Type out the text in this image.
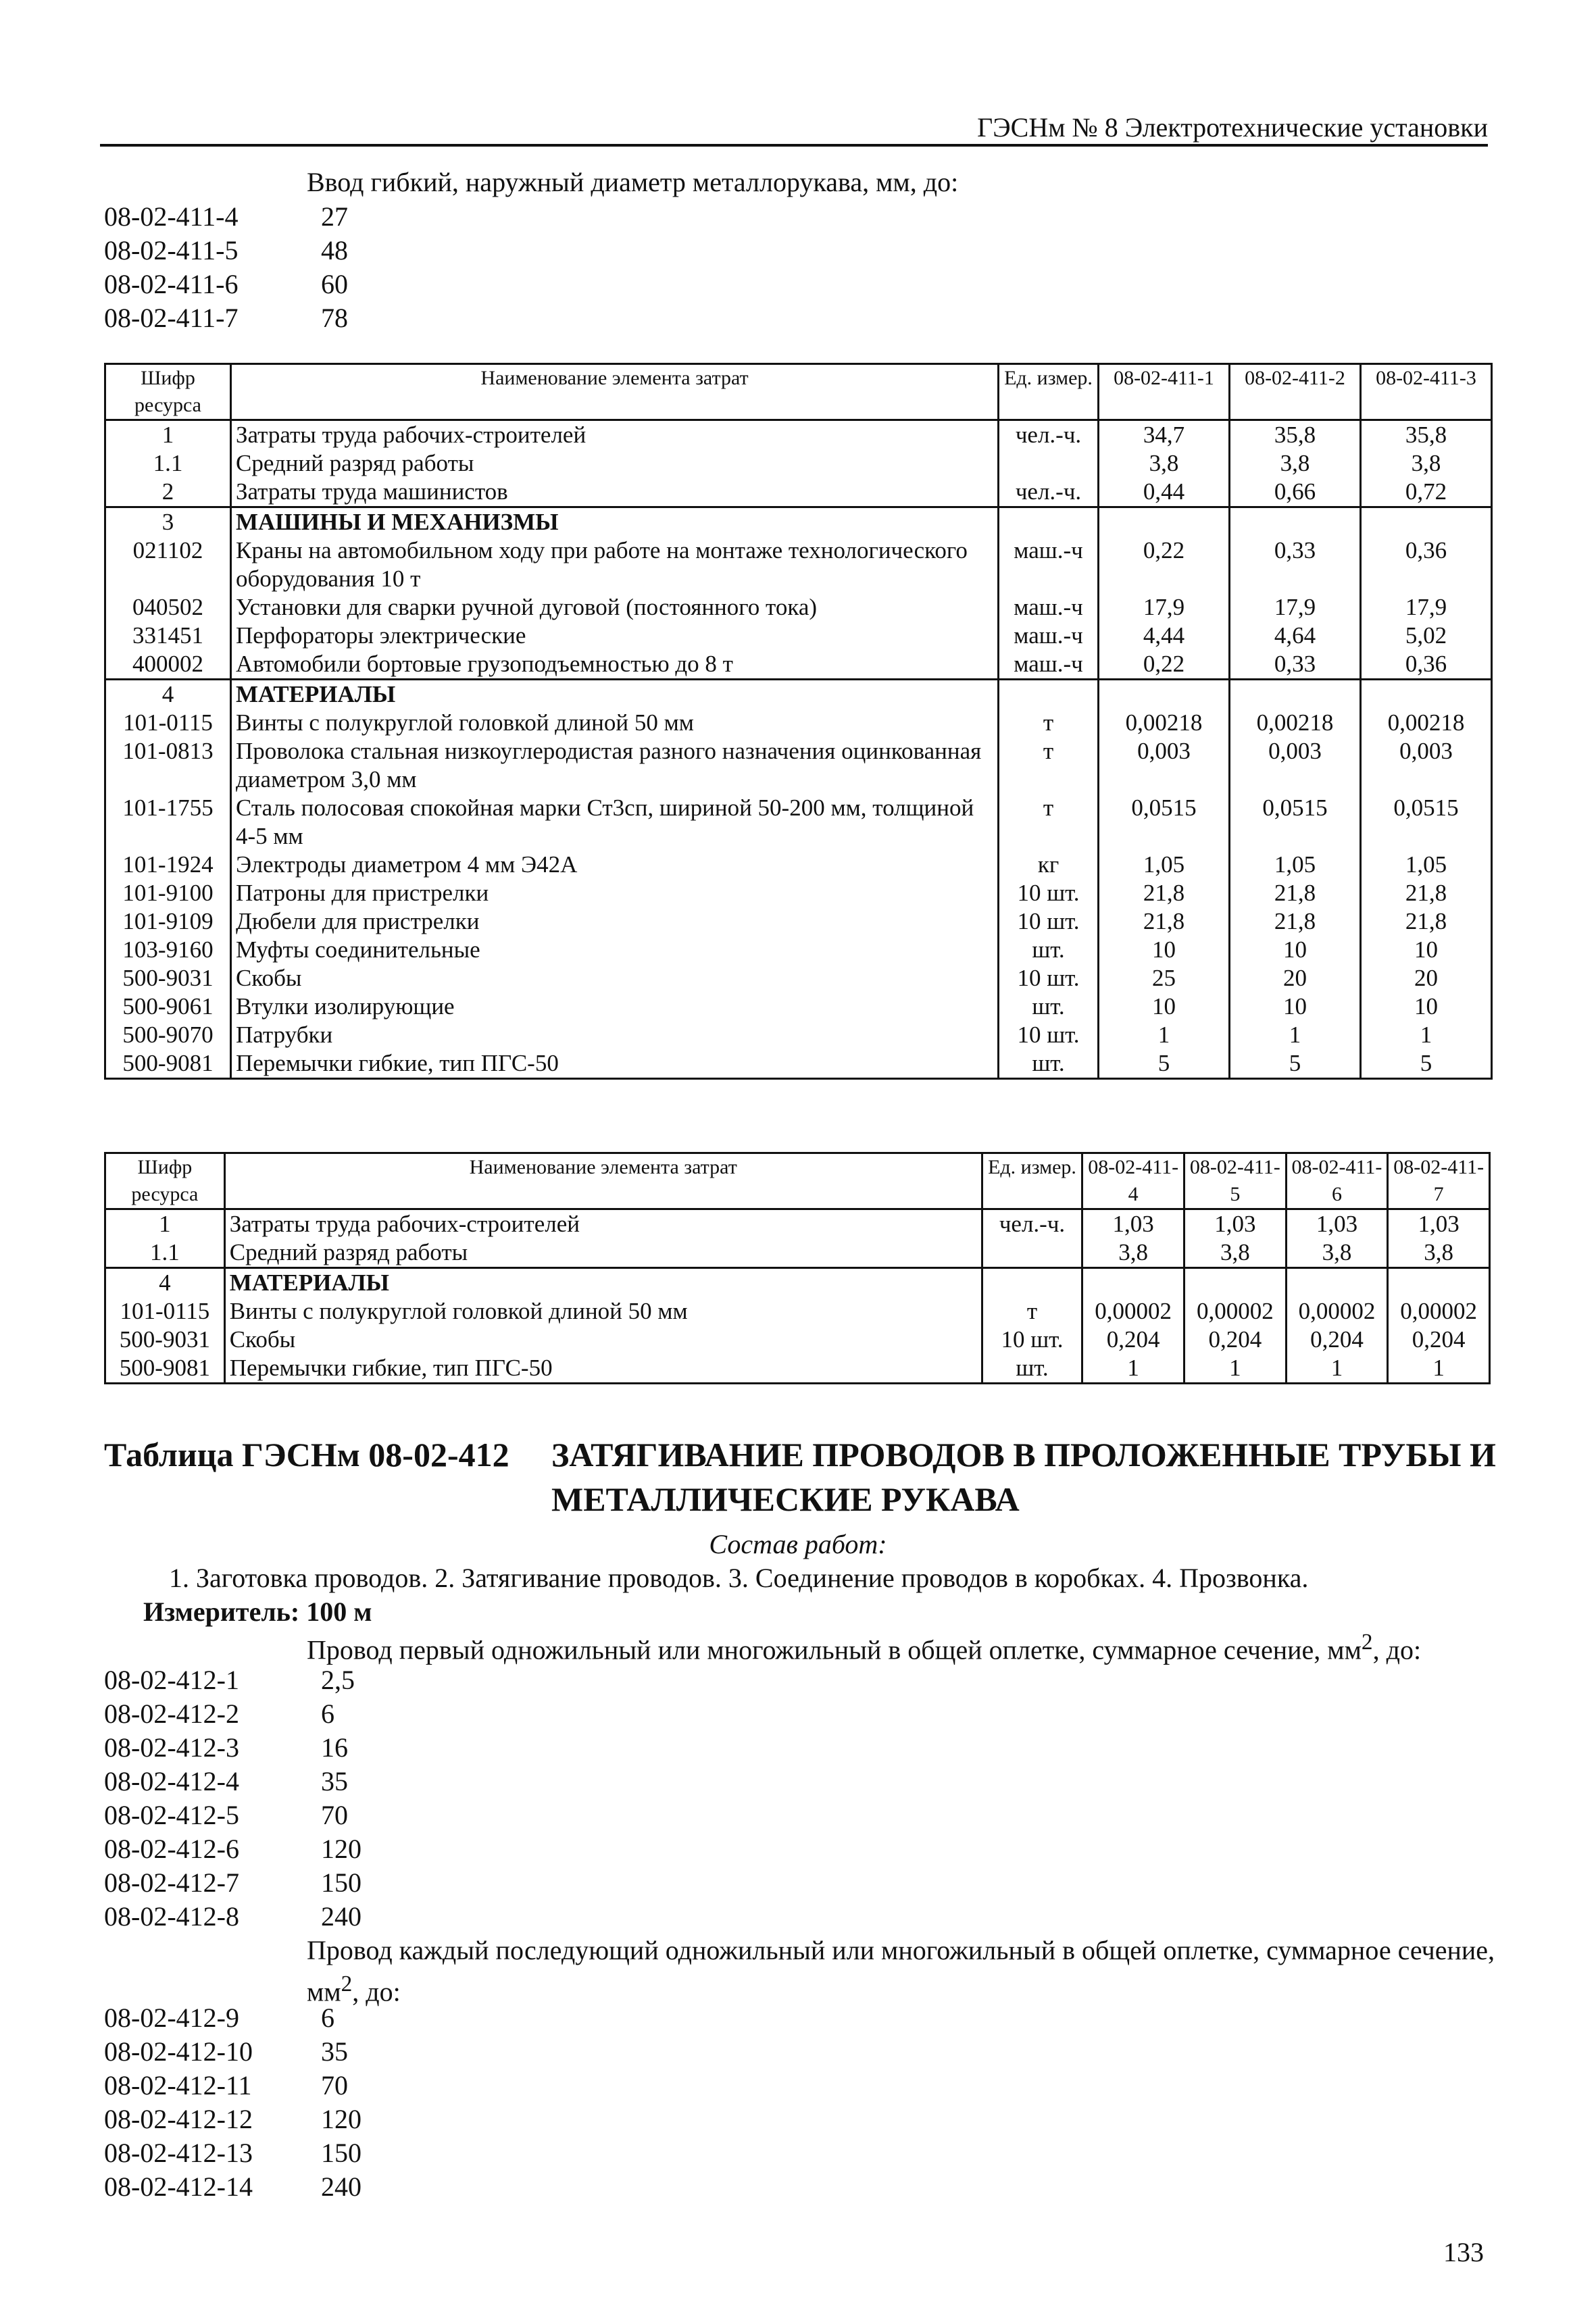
ГЭСНм № 8 Электротехнические установки
Ввод гибкий, наружный диаметр металлорукава, мм, до:
08-02-411-4	27
08-02-411-5	48
08-02-411-6	60
08-02-411-7	78
Шифр ресурса	Наименование элемента затрат	Ед. измер.	08-02-411-1	08-02-411-2	08-02-411-3
1	Затраты труда рабочих-строителей	чел.-ч.	34,7	35,8	35,8
1.1	Средний разряд работы		3,8	3,8	3,8
2	Затраты труда машинистов	чел.-ч.	0,44	0,66	0,72
3	МАШИНЫ И МЕХАНИЗМЫ				
021102	Краны на автомобильном ходу при работе на монтаже технологического оборудования 10 т	маш.-ч	0,22	0,33	0,36
040502	Установки для сварки ручной дуговой (постоянного тока)	маш.-ч	17,9	17,9	17,9
331451	Перфораторы электрические	маш.-ч	4,44	4,64	5,02
400002	Автомобили бортовые грузоподъемностью до 8 т	маш.-ч	0,22	0,33	0,36
4	МАТЕРИАЛЫ				
101-0115	Винты с полукруглой головкой длиной 50 мм	т	0,00218	0,00218	0,00218
101-0813	Проволока стальная низкоуглеродистая разного назначения оцинкованная диаметром 3,0 мм	т	0,003	0,003	0,003
101-1755	Сталь полосовая спокойная марки Ст3сп, шириной 50-200 мм, толщиной 4-5 мм	т	0,0515	0,0515	0,0515
101-1924	Электроды диаметром 4 мм Э42А	кг	1,05	1,05	1,05
101-9100	Патроны для пристрелки	10 шт.	21,8	21,8	21,8
101-9109	Дюбели для пристрелки	10 шт.	21,8	21,8	21,8
103-9160	Муфты соединительные	шт.	10	10	10
500-9031	Скобы	10 шт.	25	20	20
500-9061	Втулки изолирующие	шт.	10	10	10
500-9070	Патрубки	10 шт.	1	1	1
500-9081	Перемычки гибкие, тип ПГС-50	шт.	5	5	5
Шифр ресурса	Наименование элемента затрат	Ед. измер.	08-02-411-4	08-02-411-5	08-02-411-6	08-02-411-7
1	Затраты труда рабочих-строителей	чел.-ч.	1,03	1,03	1,03	1,03
1.1	Средний разряд работы		3,8	3,8	3,8	3,8
4	МАТЕРИАЛЫ					
101-0115	Винты с полукруглой головкой длиной 50 мм	т	0,00002	0,00002	0,00002	0,00002
500-9031	Скобы	10 шт.	0,204	0,204	0,204	0,204
500-9081	Перемычки гибкие, тип ПГС-50	шт.	1	1	1	1
Таблица ГЭСНм 08-02-412 ЗАТЯГИВАНИЕ ПРОВОДОВ В ПРОЛОЖЕННЫЕ ТРУБЫ И МЕТАЛЛИЧЕСКИЕ РУКАВА
Состав работ:
1. Заготовка проводов. 2. Затягивание проводов. 3. Соединение проводов в коробках. 4. Прозвонка.
Измеритель: 100 м
Провод первый одножильный или многожильный в общей оплетке, суммарное сечение, $мм^2$, до:
08-02-412-1	2,5
08-02-412-2	6
08-02-412-3	16
08-02-412-4	35
08-02-412-5	70
08-02-412-6	120
08-02-412-7	150
08-02-412-8	240
Провод каждый последующий одножильный или многожильный в общей оплетке, суммарное сечение, $мм^2$, до:
08-02-412-9	6
08-02-412-10	35
08-02-412-11	70
08-02-412-12	120
08-02-412-13	150
08-02-412-14	240
133
